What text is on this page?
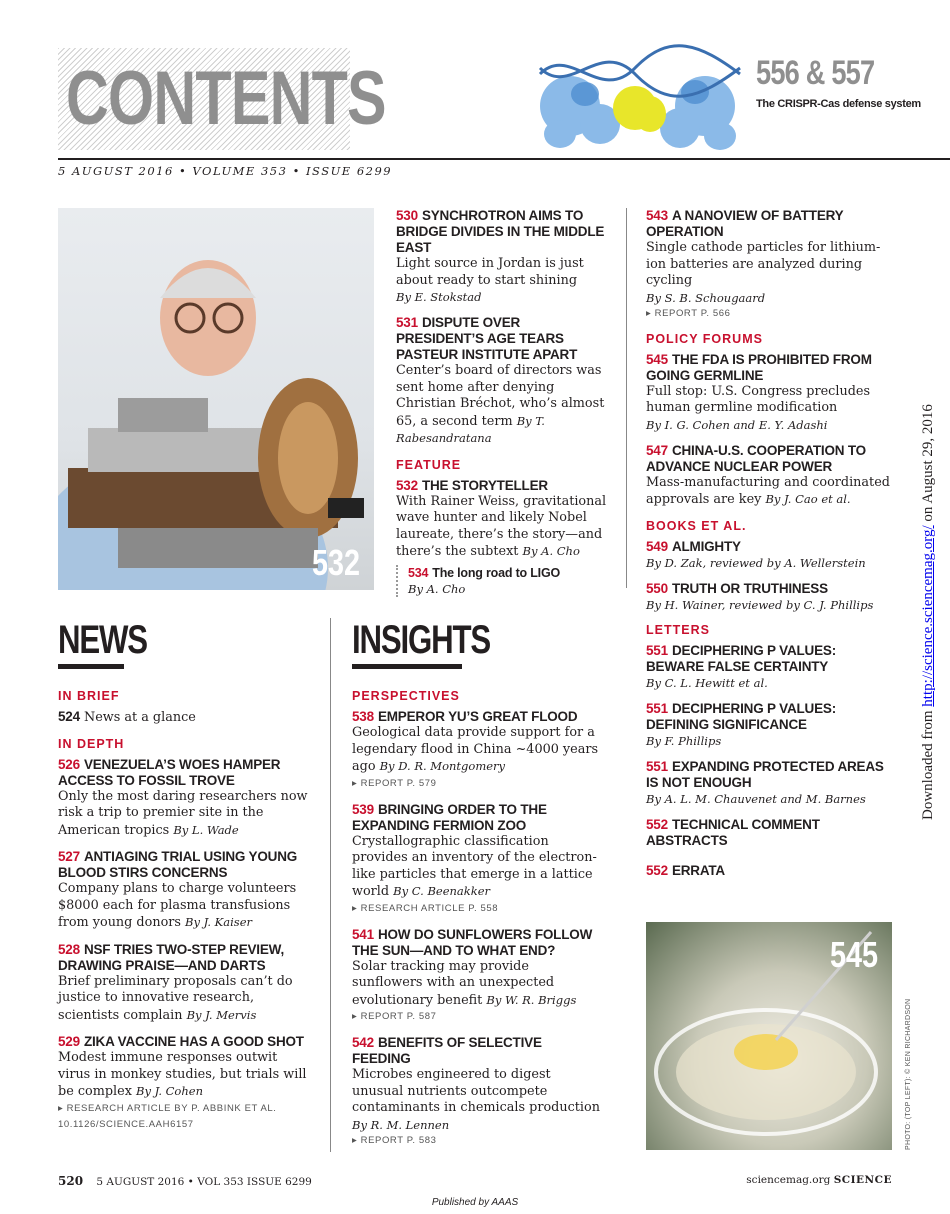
CONTENTS	556 & 557
The CRISPR-Cas defense system
5 AUGUST 2016 • VOLUME 353 • ISSUE 6299
532
530 SYNCHROTRON AIMS TO BRIDGE DIVIDES IN THE MIDDLE EAST
Light source in Jordan is just about ready to start shining
By E. Stokstad
531 DISPUTE OVER PRESIDENT’S AGE TEARS PASTEUR INSTITUTE APART
Center’s board of directors was sent home after denying Christian Bréchot, who’s almost 65, a second term By T. Rabesandratana
FEATURE
532 THE STORYTELLER
With Rainer Weiss, gravitational wave hunter and likely Nobel laureate, there’s the story—and there’s the subtext By A. Cho
534 The long road to LIGO
By A. Cho
543 A NANOVIEW OF BATTERY OPERATION
Single cathode particles for lithium-ion batteries are analyzed during cycling
By S. B. Schougaard
▸ REPORT P. 566
POLICY FORUMS
545 THE FDA IS PROHIBITED FROM GOING GERMLINE
Full stop: U.S. Congress precludes human germline modification
By I. G. Cohen and E. Y. Adashi
547 CHINA-U.S. COOPERATION TO ADVANCE NUCLEAR POWER
Mass-manufacturing and coordinated approvals are key By J. Cao et al.
BOOKS ET AL.
549 ALMIGHTY
By D. Zak, reviewed by A. Wellerstein
550 TRUTH OR TRUTHINESS
By H. Wainer, reviewed by C. J. Phillips
LETTERS
551 DECIPHERING P VALUES: BEWARE FALSE CERTAINTY
By C. L. Hewitt et al.
551 DECIPHERING P VALUES: DEFINING SIGNIFICANCE
By F. Phillips
551 EXPANDING PROTECTED AREAS IS NOT ENOUGH
By A. L. M. Chauvenet and M. Barnes
552 TECHNICAL COMMENT ABSTRACTS
552 ERRATA
545
PHOTO: (TOP LEFT): © KEN RICHARDSON
NEWS
IN BRIEF
524 News at a glance
IN DEPTH
526 VENEZUELA’S WOES HAMPER ACCESS TO FOSSIL TROVE
Only the most daring researchers now risk a trip to premier site in the American tropics By L. Wade
527 ANTIAGING TRIAL USING YOUNG BLOOD STIRS CONCERNS
Company plans to charge volunteers $8000 each for plasma transfusions from young donors By J. Kaiser
528 NSF TRIES TWO-STEP REVIEW, DRAWING PRAISE—AND DARTS
Brief preliminary proposals can’t do justice to innovative research, scientists complain By J. Mervis
529 ZIKA VACCINE HAS A GOOD SHOT
Modest immune responses outwit virus in monkey studies, but trials will be complex By J. Cohen
▸ RESEARCH ARTICLE BY P. ABBINK ET AL.
10.1126/SCIENCE.AAH6157
INSIGHTS
PERSPECTIVES
538 EMPEROR YU’S GREAT FLOOD
Geological data provide support for a legendary flood in China ~4000 years ago By D. R. Montgomery
▸ REPORT P. 579
539 BRINGING ORDER TO THE EXPANDING FERMION ZOO
Crystallographic classification provides an inventory of the electron-like particles that emerge in a lattice world By C. Beenakker
▸ RESEARCH ARTICLE P. 558
541 HOW DO SUNFLOWERS FOLLOW THE SUN—AND TO WHAT END?
Solar tracking may provide sunflowers with an unexpected evolutionary benefit By W. R. Briggs
▸ REPORT P. 587
542 BENEFITS OF SELECTIVE FEEDING
Microbes engineered to digest unusual nutrients outcompete contaminants in chemicals production
By R. M. Lennen
▸ REPORT P. 583
Downloaded from http://science.sciencemag.org/ on August 29, 2016
520 5 AUGUST 2016 • VOL 353 ISSUE 6299	sciencemag.org SCIENCE
Published by AAAS
